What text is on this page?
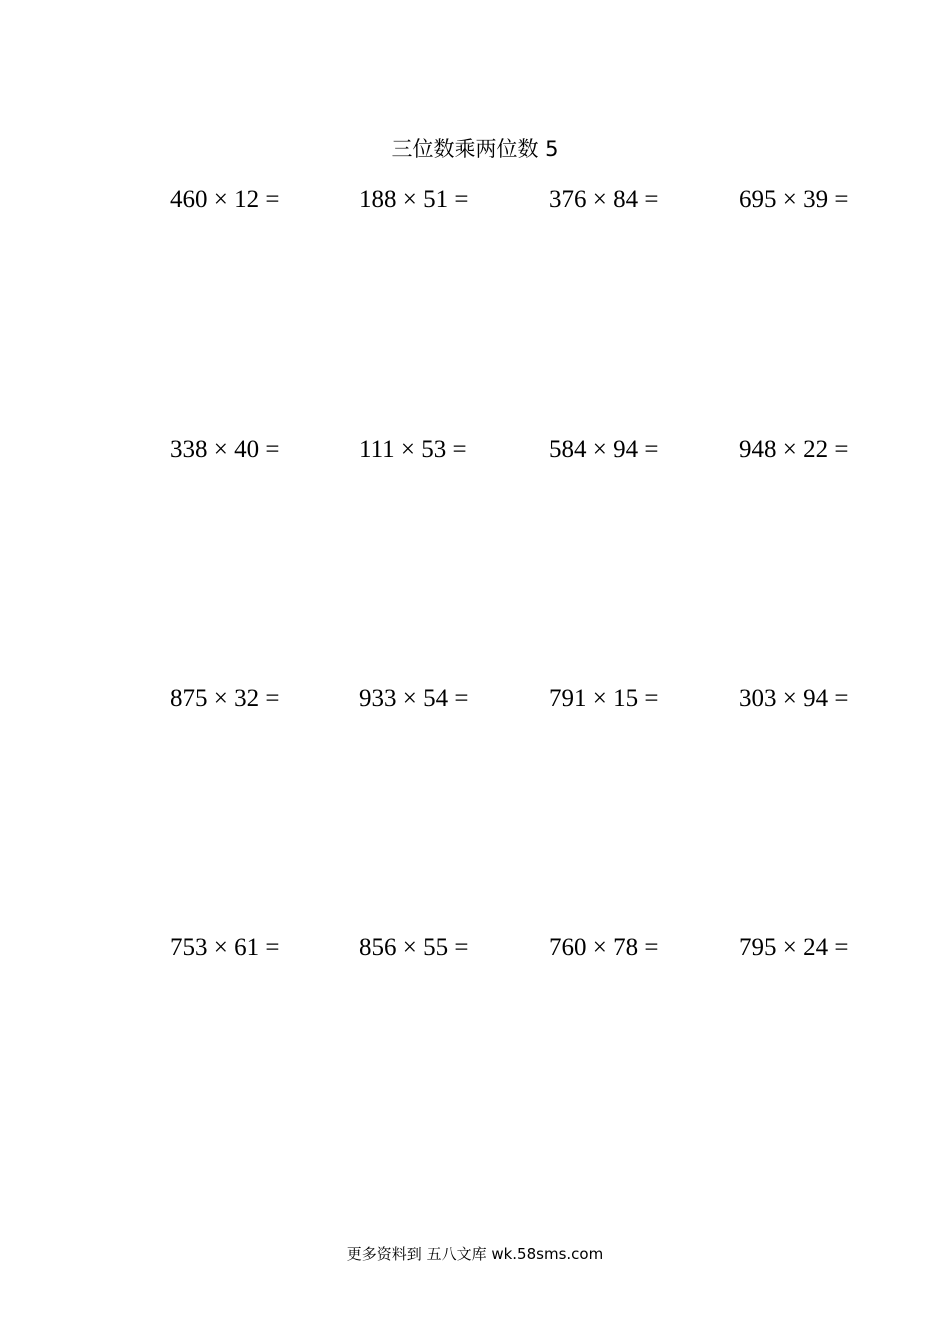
三位数乘两位数 5
460 × 12 =	188 × 51 =	376 × 84 =	695 × 39 =
338 × 40 =	111 × 53 =	584 × 94 =	948 × 22 =
875 × 32 =	933 × 54 =	791 × 15 =	303 × 94 =
753 × 61 =	856 × 55 =	760 × 78 =	795 × 24 =
更多资料到 五八文库 wk.58sms.com
